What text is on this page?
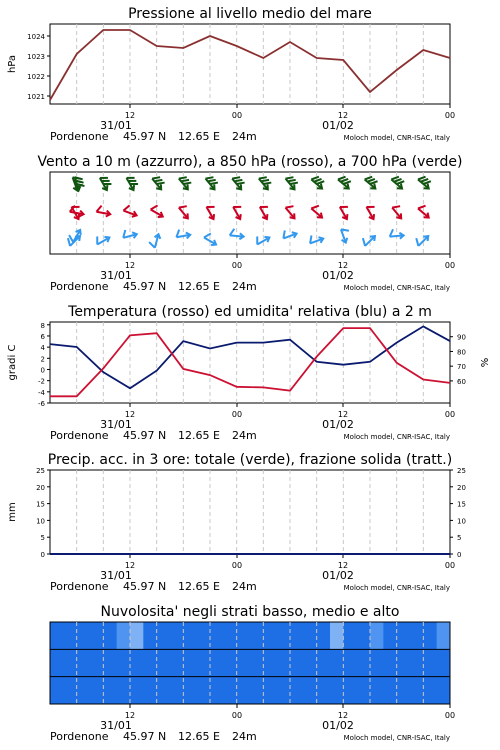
Pressione al livello medio del mare
12	00	12	00
31/01	01/02
Pordenone 45.97 N 12.65 E 24m	Moloch model, CNR-ISAC, Italy
1021
1022
1023
1024
hPa
Vento a 10 m (azzurro), a 850 hPa (rosso), a 700 hPa (verde)
12	00	12	00
31/01	01/02
Pordenone 45.97 N 12.65 E 24m	Moloch model, CNR-ISAC, Italy
Temperatura (rosso) ed umidita' relativa (blu) a 2 m
12	00	12	00
31/01	01/02
Pordenone 45.97 N 12.65 E 24m	Moloch model, CNR-ISAC, Italy
8
6
4
2
0
-2
-4
-6
90
80
70
60
gradi C	%
Precip. acc. in 3 ore: totale (verde), frazione solida (tratt.)
12	00	12	00
31/01	01/02
Pordenone 45.97 N 12.65 E 24m	Moloch model, CNR-ISAC, Italy
25	25
20	20
15	15
10	10
5	5
0	0
mm
Nuvolosita' negli strati basso, medio e alto
12	00	12	00
31/01	01/02
Pordenone 45.97 N 12.65 E 24m	Moloch model, CNR-ISAC, Italy
